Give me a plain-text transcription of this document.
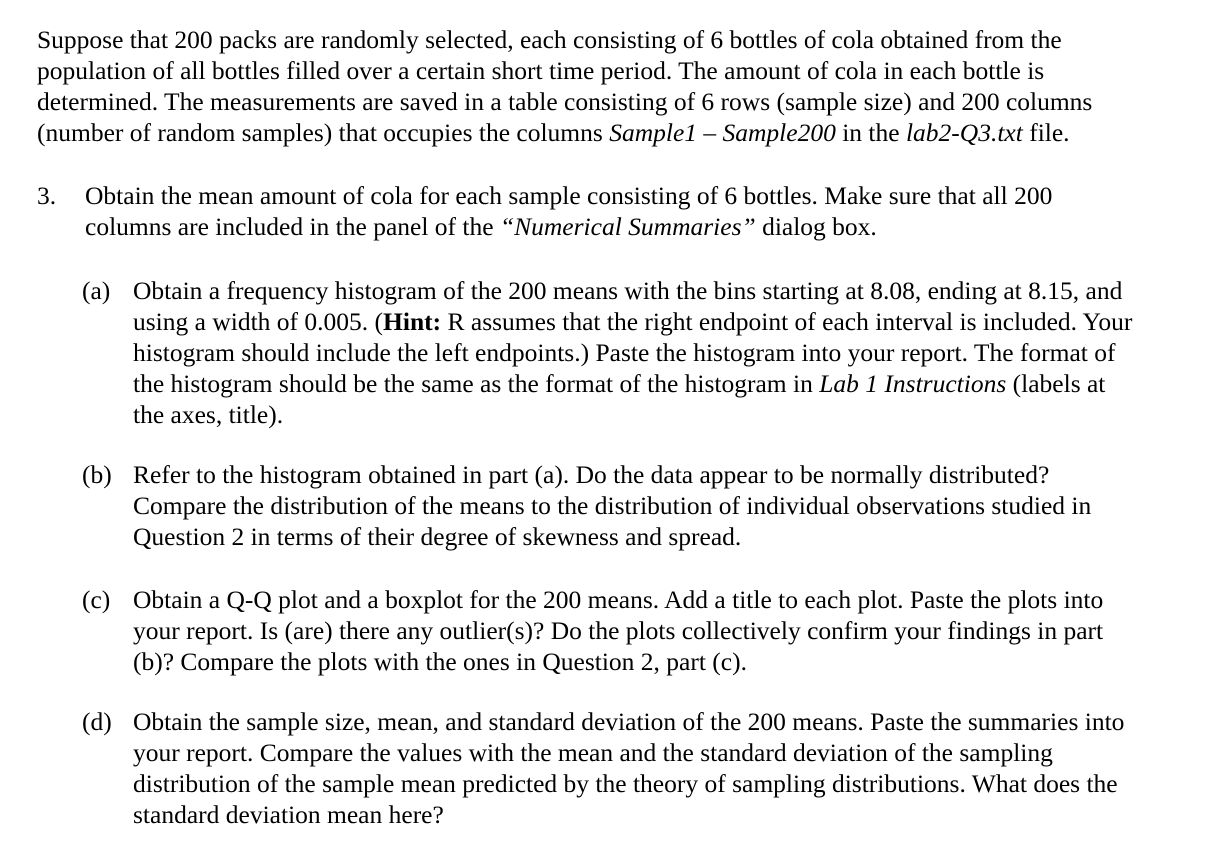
Suppose that 200 packs are randomly selected, each consisting of 6 bottles of cola obtained from the
population of all bottles filled over a certain short time period. The amount of cola in each bottle is
determined. The measurements are saved in a table consisting of 6 rows (sample size) and 200 columns
(number of random samples) that occupies the columns Sample1 – Sample200 in the lab2-Q3.txt file.
3. Obtain the mean amount of cola for each sample consisting of 6 bottles. Make sure that all 200
columns are included in the panel of the “Numerical Summaries” dialog box.
(a) Obtain a frequency histogram of the 200 means with the bins starting at 8.08, ending at 8.15, and
using a width of 0.005. (Hint: R assumes that the right endpoint of each interval is included. Your
histogram should include the left endpoints.) Paste the histogram into your report. The format of
the histogram should be the same as the format of the histogram in Lab 1 Instructions (labels at
the axes, title).
(b) Refer to the histogram obtained in part (a). Do the data appear to be normally distributed?
Compare the distribution of the means to the distribution of individual observations studied in
Question 2 in terms of their degree of skewness and spread.
(c) Obtain a Q-Q plot and a boxplot for the 200 means. Add a title to each plot. Paste the plots into
your report. Is (are) there any outlier(s)? Do the plots collectively confirm your findings in part
(b)? Compare the plots with the ones in Question 2, part (c).
(d) Obtain the sample size, mean, and standard deviation of the 200 means. Paste the summaries into
your report. Compare the values with the mean and the standard deviation of the sampling
distribution of the sample mean predicted by the theory of sampling distributions. What does the
standard deviation mean here?
